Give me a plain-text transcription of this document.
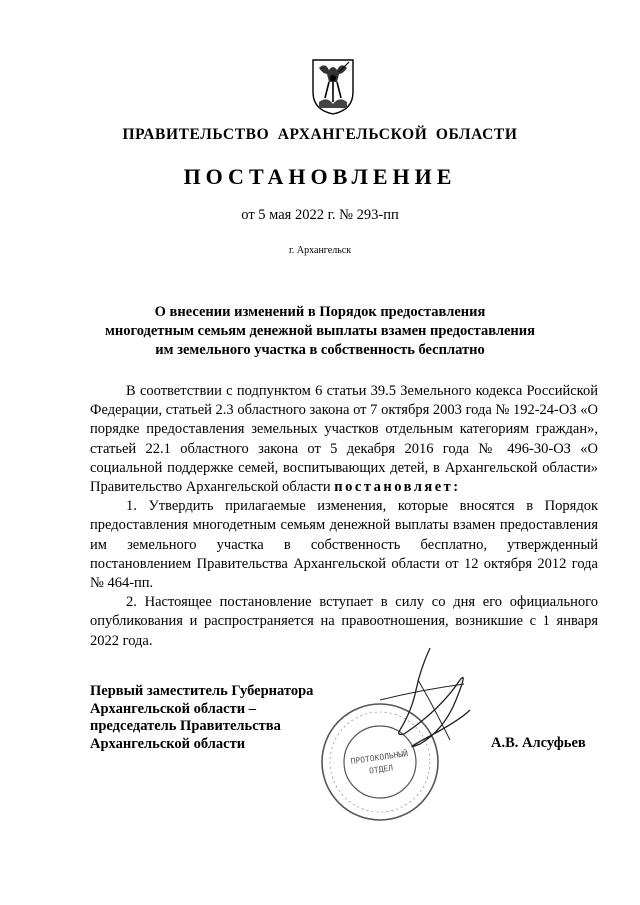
ПРАВИТЕЛЬСТВО АРХАНГЕЛЬСКОЙ ОБЛАСТИ
ПОСТАНОВЛЕНИЕ
от 5 мая 2022 г. № 293-пп
г. Архангельск
О внесении изменений в Порядок предоставления
многодетным семьям денежной выплаты взамен предоставления
им земельного участка в собственность бесплатно

В соответствии с подпунктом 6 статьи 39.5 Земельного кодекса Российской Федерации, статьей 2.3 областного закона от 7 октября 2003 года № 192-24-ОЗ «О порядке предоставления земельных участков отдельным категориям граждан», статьей 22.1 областного закона от 5 декабря 2016 года № 496-30-ОЗ «О социальной поддержке семей, воспитывающих детей, в Архангельской области» Правительство Архангельской области постановляет:

1. Утвердить прилагаемые изменения, которые вносятся в Порядок предоставления многодетным семьям денежной выплаты взамен предоставления им земельного участка в собственность бесплатно, утвержденный постановлением Правительства Архангельской области от 12 октября 2012 года № 464-пп.

2. Настоящее постановление вступает в силу со дня его официального опубликования и распространяется на правоотношения, возникшие с 1 января 2022 года.

Первый заместитель Губернатора
Архангельской области –
председатель Правительства
Архангельской области
ПРОТОКОЛЬНЫЙ
ОТДЕЛ
А.В. Алсуфьев
